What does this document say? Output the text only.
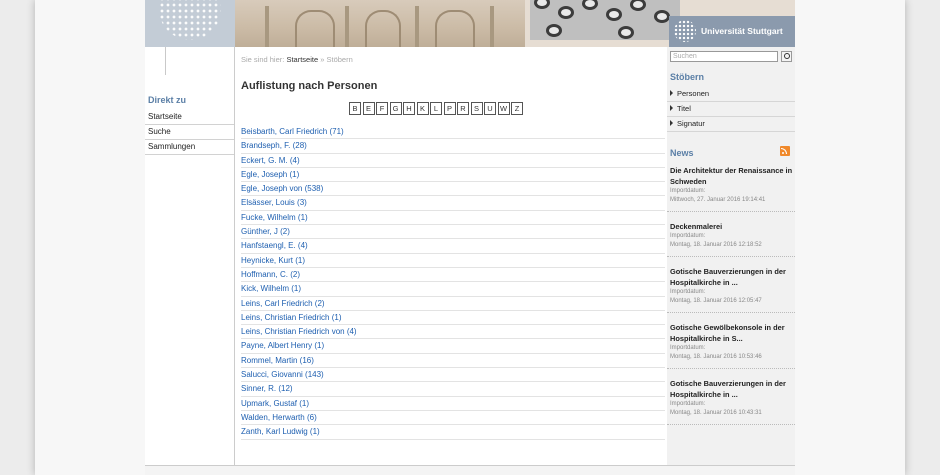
Universität Stuttgart
Direkt zu
Startseite
Suche
Sammlungen
Sie sind hier: Startseite » Stöbern
Auflistung nach Personen
B	E	F	G	H	K	L	P	R	S	U W	Z
Beisbarth, Carl Friedrich (71)
Brandseph, F. (28)
Eckert, G. M. (4)
Egle, Joseph (1)
Egle, Joseph von (538)
Elsässer, Louis (3)
Fucke, Wilhelm (1)
Günther, J (2)
Hanfstaengl, E. (4)
Heynicke, Kurt (1)
Hoffmann, C. (2)
Kick, Wilhelm (1)
Leins, Carl Friedrich (2)
Leins, Christian Friedrich (1)
Leins, Christian Friedrich von (4)
Payne, Albert Henry (1)
Rommel, Martin (16)
Salucci, Giovanni (143)
Sinner, R. (12)
Upmark, Gustaf (1)
Walden, Herwarth (6)
Zanth, Karl Ludwig (1)
Suchen
Stöbern
Personen
Titel
Signatur
News
Die Architektur der Renaissance in Schweden
Importdatum:
Mittwoch, 27. Januar 2016 19:14:41
Deckenmalerei
Importdatum:
Montag, 18. Januar 2016 12:18:52
Gotische Bauverzierungen in der Hospitalkirche in ...
Importdatum:
Montag, 18. Januar 2016 12:05:47
Gotische Gewölbekonsole in der Hospitalkirche in S...
Importdatum:
Montag, 18. Januar 2016 10:53:46
Gotische Bauverzierungen in der Hospitalkirche in ...
Importdatum:
Montag, 18. Januar 2016 10:43:31
